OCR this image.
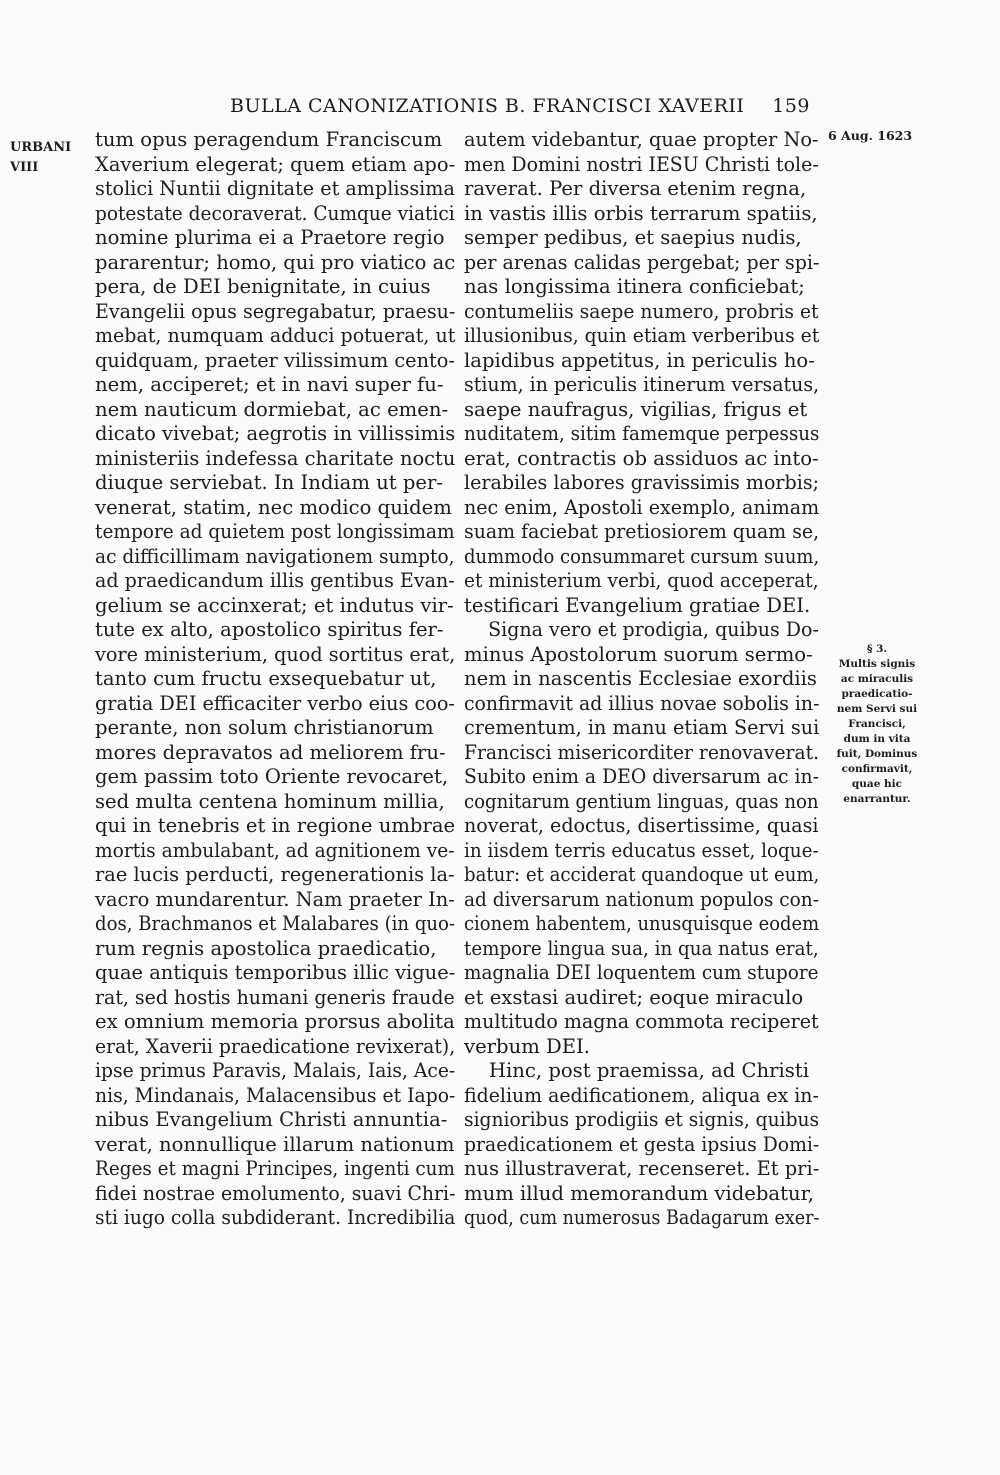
BULLA CANONIZATIONIS B. FRANCISCI XAVERII 159
URBANI
VIII
6 Aug. 1623
§ 3.
Multis signis
ac miraculis
praedicatio-
nem Servi sui
Francisci,
dum in vita
fuit, Dominus
confirmavit,
quae hic
enarrantur.
tum opus peragendum Franciscum
Xaverium elegerat; quem etiam apo-
stolici Nuntii dignitate et amplissima
potestate decoraverat. Cumque viatici
nomine plurima ei a Praetore regio
pararentur; homo, qui pro viatico ac
pera, de DEI benignitate, in cuius
Evangelii opus segregabatur, praesu-
mebat, numquam adduci potuerat, ut
quidquam, praeter vilissimum cento-
nem, acciperet; et in navi super fu-
nem nauticum dormiebat, ac emen-
dicato vivebat; aegrotis in villissimis
ministeriis indefessa charitate noctu
diuque serviebat. In Indiam ut per-
venerat, statim, nec modico quidem
tempore ad quietem post longissimam
ac difficillimam navigationem sumpto,
ad praedicandum illis gentibus Evan-
gelium se accinxerat; et indutus vir-
tute ex alto, apostolico spiritus fer-
vore ministerium, quod sortitus erat,
tanto cum fructu exsequebatur ut,
gratia DEI efficaciter verbo eius coo-
perante, non solum christianorum
mores depravatos ad meliorem fru-
gem passim toto Oriente revocaret,
sed multa centena hominum millia,
qui in tenebris et in regione umbrae
mortis ambulabant, ad agnitionem ve-
rae lucis perducti, regenerationis la-
vacro mundarentur. Nam praeter In-
dos, Brachmanos et Malabares (in quo-
rum regnis apostolica praedicatio,
quae antiquis temporibus illic vigue-
rat, sed hostis humani generis fraude
ex omnium memoria prorsus abolita
erat, Xaverii praedicatione revixerat),
ipse primus Paravis, Malais, Iais, Ace-
nis, Mindanais, Malacensibus et Iapo-
nibus Evangelium Christi annuntia-
verat, nonnullique illarum nationum
Reges et magni Principes, ingenti cum
fidei nostrae emolumento, suavi Chri-
sti iugo colla subdiderant. Incredibilia
autem videbantur, quae propter No-
men Domini nostri IESU Christi tole-
raverat. Per diversa etenim regna,
in vastis illis orbis terrarum spatiis,
semper pedibus, et saepius nudis,
per arenas calidas pergebat; per spi-
nas longissima itinera conficiebat;
contumeliis saepe numero, probris et
illusionibus, quin etiam verberibus et
lapidibus appetitus, in periculis ho-
stium, in periculis itinerum versatus,
saepe naufragus, vigilias, frigus et
nuditatem, sitim famemque perpessus
erat, contractis ob assiduos ac into-
lerabiles labores gravissimis morbis;
nec enim, Apostoli exemplo, animam
suam faciebat pretiosiorem quam se,
dummodo consummaret cursum suum,
et ministerium verbi, quod acceperat,
testificari Evangelium gratiae DEI.
Signa vero et prodigia, quibus Do-
minus Apostolorum suorum sermo-
nem in nascentis Ecclesiae exordiis
confirmavit ad illius novae sobolis in-
crementum, in manu etiam Servi sui
Francisci misericorditer renovaverat.
Subito enim a DEO diversarum ac in-
cognitarum gentium linguas, quas non
noverat, edoctus, disertissime, quasi
in iisdem terris educatus esset, loque-
batur: et acciderat quandoque ut eum,
ad diversarum nationum populos con-
cionem habentem, unusquisque eodem
tempore lingua sua, in qua natus erat,
magnalia DEI loquentem cum stupore
et exstasi audiret; eoque miraculo
multitudo magna commota reciperet
verbum DEI.
Hinc, post praemissa, ad Christi
fidelium aedificationem, aliqua ex in-
signioribus prodigiis et signis, quibus
praedicationem et gesta ipsius Domi-
nus illustraverat, recenseret. Et pri-
mum illud memorandum videbatur,
quod, cum numerosus Badagarum exer-
